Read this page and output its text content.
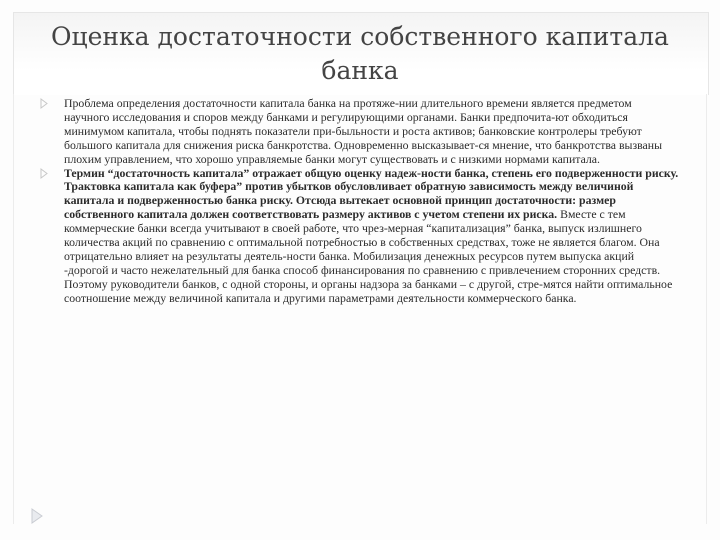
Оценка достаточности собственного капитала
банка
Проблема определения достаточности капитала банка на протяже-нии длительного времени является предметом научного исследования и споров между банками и регулирующими органами. Банки предпочита-ют обходиться минимумом капитала, чтобы поднять показатели при-быльности и роста активов; банковские контролеры требуют большого капитала для снижения риска банкротства. Одновременно высказывает-ся мнение, что банкротства вызваны плохим управлением, что хорошо управляемые банки могут существовать и с низкими нормами капитала.
Термин “достаточность капитала” отражает общую оценку надеж-ности банка, степень его подверженности риску. Трактовка капитала как буфера” против убытков обусловливает обратную зависимость между величиной капитала и подверженностью банка риску. Отсюда вытекает основной принцип достаточности: размер собственного капитала должен соответствовать размеру активов с учетом степени их риска. Вместе с тем коммерческие банки всегда учитывают в своей работе, что чрез-мерная “капитализация” банка, выпуск излишнего количества акций по сравнению с оптимальной потребностью в собственных средствах, тоже не является благом. Она отрицательно влияет на результаты деятель-ности банка. Мобилизация денежных ресурсов путем выпуска акций -дорогой и часто нежелательный для банка способ финансирования по сравнению с привлечением сторонних средств. Поэтому руководители банков, с одной стороны, и органы надзора за банками – с другой, стре-мятся найти оптимальное соотношение между величиной капитала и другими параметрами деятельности коммерческого банка.
